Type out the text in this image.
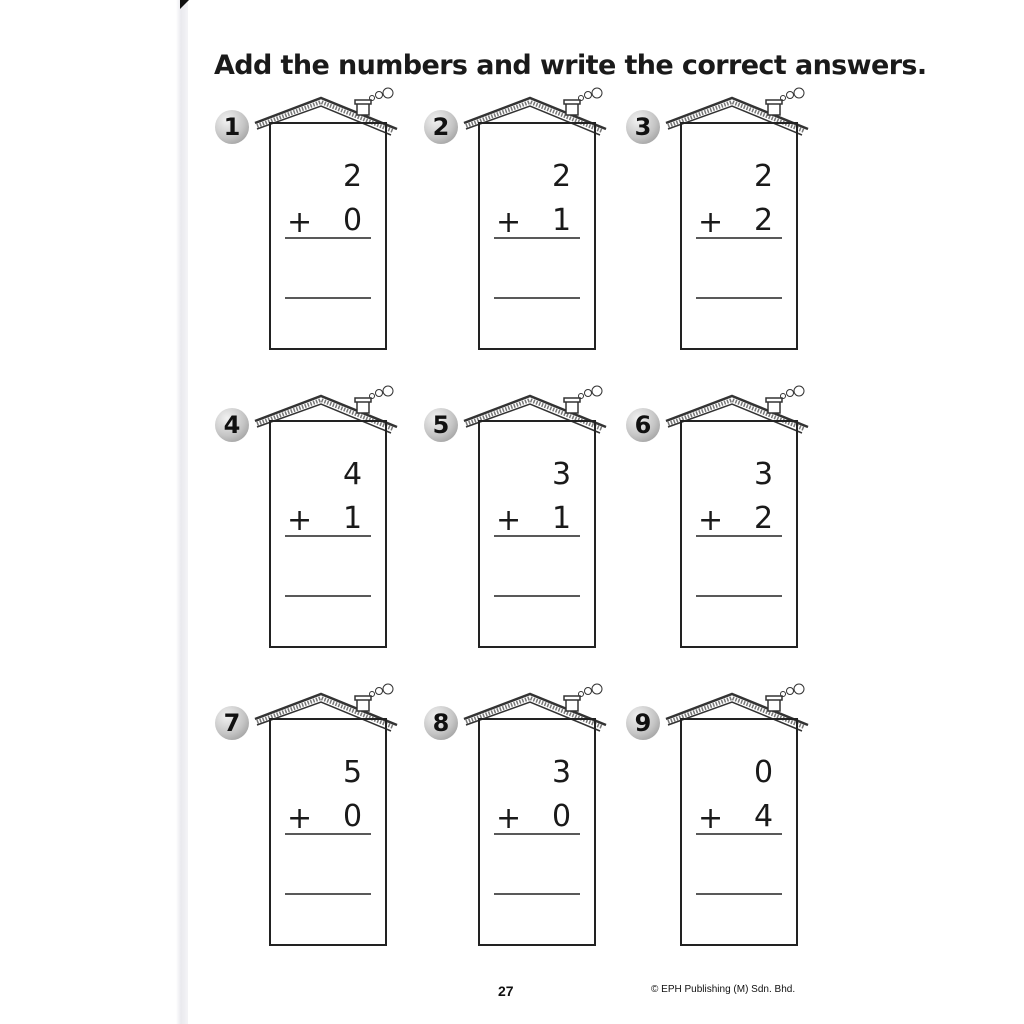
Add the numbers and write the correct answers.
1
2
+ 0
2
2
+ 1
3
2
+ 2
4
4
+ 1
5
3
+ 1
6
3
+ 2
7
5
+ 0
8
3
+ 0
9
0
+ 4
27	© EPH Publishing (M) Sdn. Bhd.
